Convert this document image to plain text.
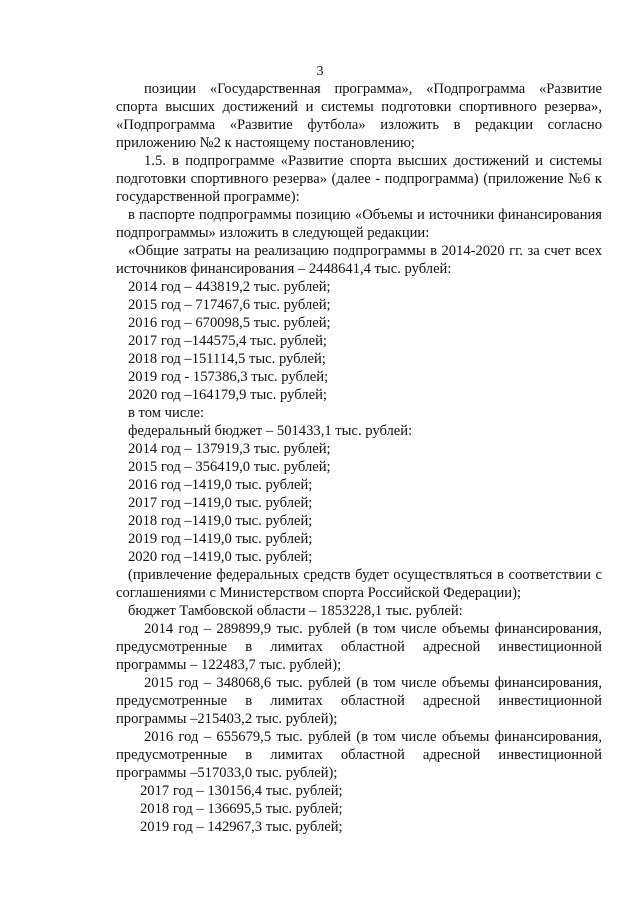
3

позиции «Государственная программа», «Подпрограмма «Развитие спорта высших достижений и системы подготовки спортивного резерва», «Подпрограмма «Развитие футбола» изложить в редакции согласно приложению №2 к настоящему постановлению;

1.5. в подпрограмме «Развитие спорта высших достижений и системы подготовки спортивного резерва» (далее - подпрограмма) (приложение №6 к государственной программе):

в паспорте подпрограммы позицию «Объемы и источники финансирования подпрограммы» изложить в следующей редакции:

«Общие затраты на реализацию подпрограммы в 2014-2020 гг. за счет всех источников финансирования – 2448641,4 тыс. рублей:

2014 год – 443819,2 тыс. рублей;

2015 год – 717467,6 тыс. рублей;

2016 год – 670098,5 тыс. рублей;

2017 год –144575,4 тыс. рублей;

2018 год –151114,5 тыс. рублей;

2019 год - 157386,3 тыс. рублей;

2020 год –164179,9 тыс. рублей;

в том числе:

федеральный бюджет – 501433,1 тыс. рублей:

2014 год – 137919,3 тыс. рублей;

2015 год – 356419,0 тыс. рублей;

2016 год –1419,0 тыс. рублей;

2017 год –1419,0 тыс. рублей;

2018 год –1419,0 тыс. рублей;

2019 год –1419,0 тыс. рублей;

2020 год –1419,0 тыс. рублей;

(привлечение федеральных средств будет осуществляться в соответствии с соглашениями с Министерством спорта Российской Федерации);

бюджет Тамбовской области – 1853228,1 тыс. рублей:

2014 год – 289899,9 тыс. рублей (в том числе объемы финансирования, предусмотренные в лимитах областной адресной инвестиционной программы – 122483,7 тыс. рублей);

2015 год – 348068,6 тыс. рублей (в том числе объемы финансирования, предусмотренные в лимитах областной адресной инвестиционной программы –215403,2 тыс. рублей);

2016 год – 655679,5 тыс. рублей (в том числе объемы финансирования, предусмотренные в лимитах областной адресной инвестиционной программы –517033,0 тыс. рублей);

2017 год – 130156,4 тыс. рублей;

2018 год – 136695,5 тыс. рублей;

2019 год – 142967,3 тыс. рублей;
